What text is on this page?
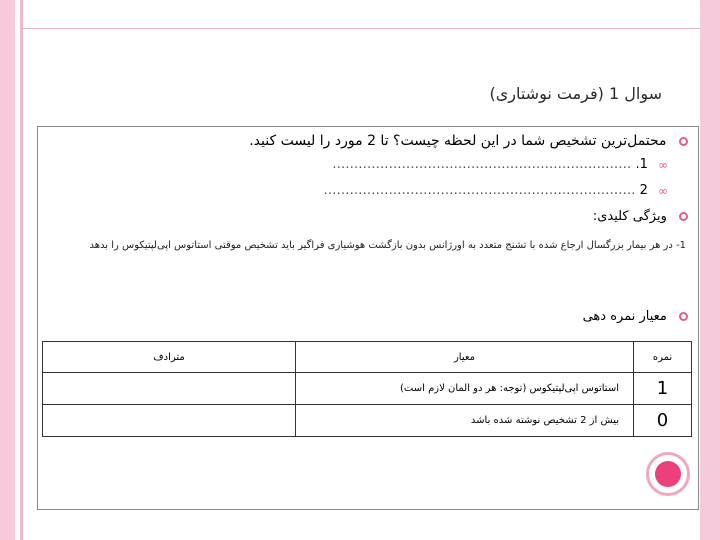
سوال 1 (فرمت نوشتاری)
محتمل‌ترین تشخیص شما در این لحظه چیست؟ تا 2 مورد را لیست کنید.
∞ 1. ……………………………………………………………
∞ 2 ………………………………………………………………
ویژگی کلیدی:
1- در هر بیمار بزرگسال ارجاع شده با تشنج متعدد به اورژانس بدون بازگشت هوشیاری فراگیر باید تشخیص موقتی استاتوس اپی‌لپتیکوس را بدهد
معیار نمره دهی
نمره	معیار	مترادف
1	استاتوس اپی‌لپتیکوس (توجه: هر دو المان لازم است)	
0	بیش از 2 تشخیص نوشته شده باشد	
